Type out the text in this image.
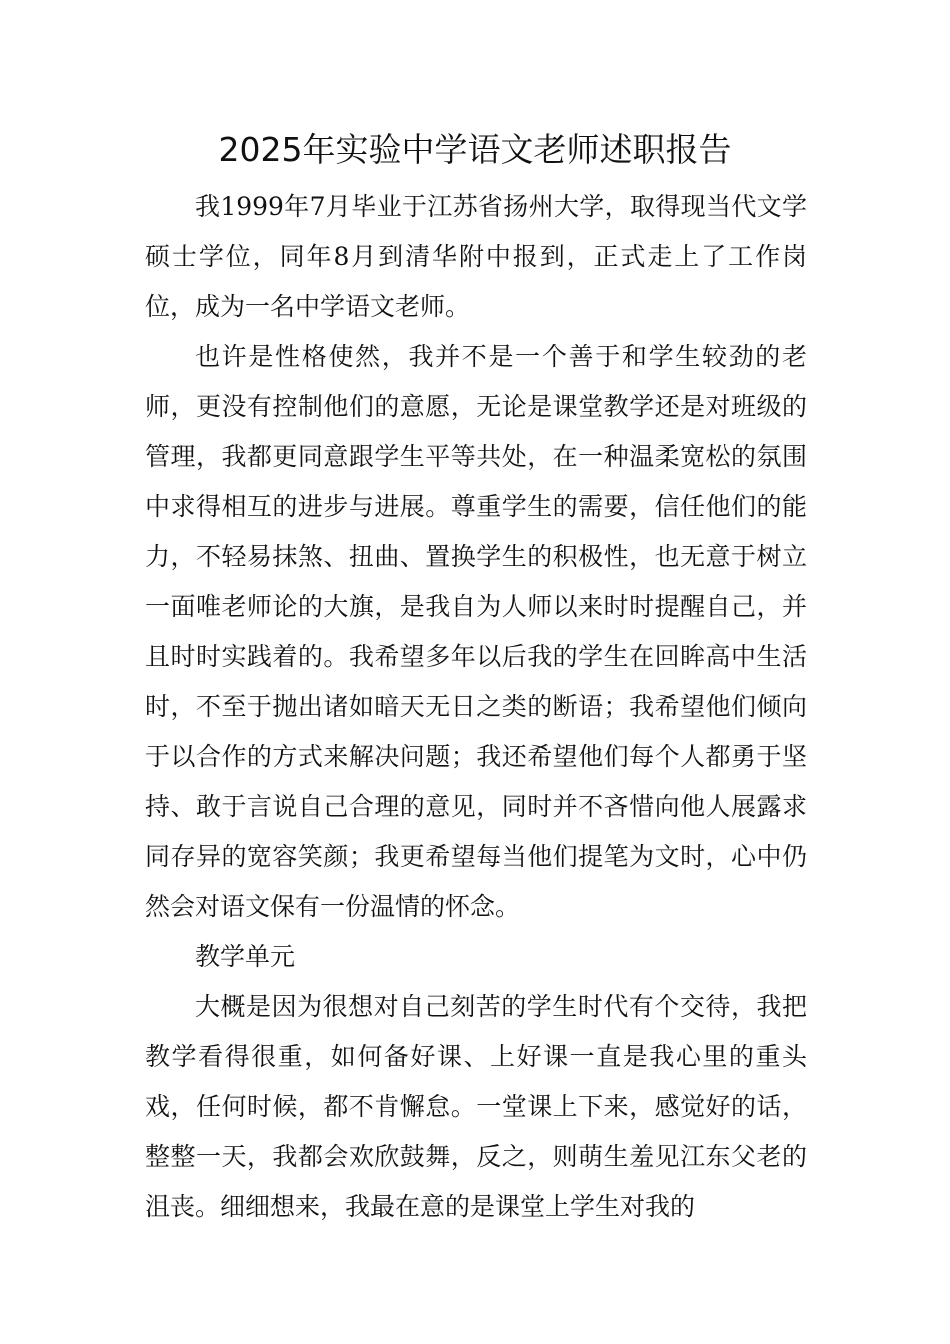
2025年实验中学语文老师述职报告

我1999年7月毕业于江苏省扬州大学，取得现当代文学硕士学位，同年8月到清华附中报到，正式走上了工作岗位，成为一名中学语文老师。

也许是性格使然，我并不是一个善于和学生较劲的老师，更没有控制他们的意愿，无论是课堂教学还是对班级的管理，我都更同意跟学生平等共处，在一种温柔宽松的氛围中求得相互的进步与进展。尊重学生的需要，信任他们的能力，不轻易抹煞、扭曲、置换学生的积极性，也无意于树立一面唯老师论的大旗，是我自为人师以来时时提醒自己，并且时时实践着的。我希望多年以后我的学生在回眸高中生活时，不至于抛出诸如暗天无日之类的断语；我希望他们倾向于以合作的方式来解决问题；我还希望他们每个人都勇于坚持、敢于言说自己合理的意见，同时并不吝惜向他人展露求同存异的宽容笑颜；我更希望每当他们提笔为文时，心中仍然会对语文保有一份温情的怀念。

教学单元

大概是因为很想对自己刻苦的学生时代有个交待，我把教学看得很重，如何备好课、上好课一直是我心里的重头戏，任何时候，都不肯懈怠。一堂课上下来，感觉好的话，整整一天，我都会欢欣鼓舞，反之，则萌生羞见江东父老的沮丧。细细想来，我最在意的是课堂上学生对我的
